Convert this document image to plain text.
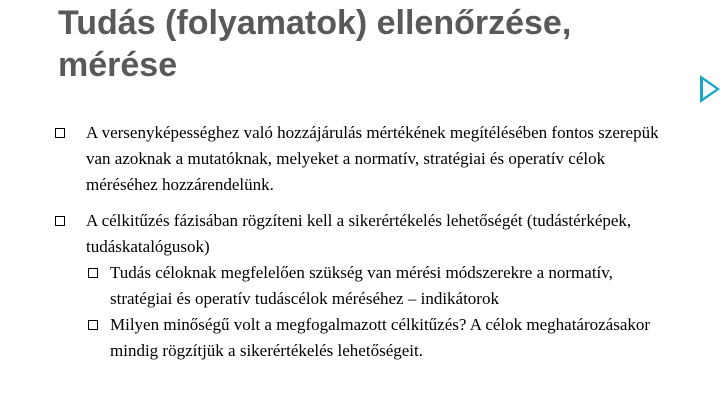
Tudás (folyamatok) ellenőrzése,
mérése
A versenyképességhez való hozzájárulás mértékének megítélésében fontos szerepük van azoknak a mutatóknak, melyeket a normatív, stratégiai és operatív célok méréséhez hozzárendelünk.
A célkitűzés fázisában rögzíteni kell a sikerértékelés lehetőségét (tudástérképek, tudáskatalógusok)
Tudás céloknak megfelelően szükség van mérési módszerekre a normatív, stratégiai és operatív tudáscélok méréséhez – indikátorok
Milyen minőségű volt a megfogalmazott célkitűzés? A célok meghatározásakor mindig rögzítjük a sikerértékelés lehetőségeit.
